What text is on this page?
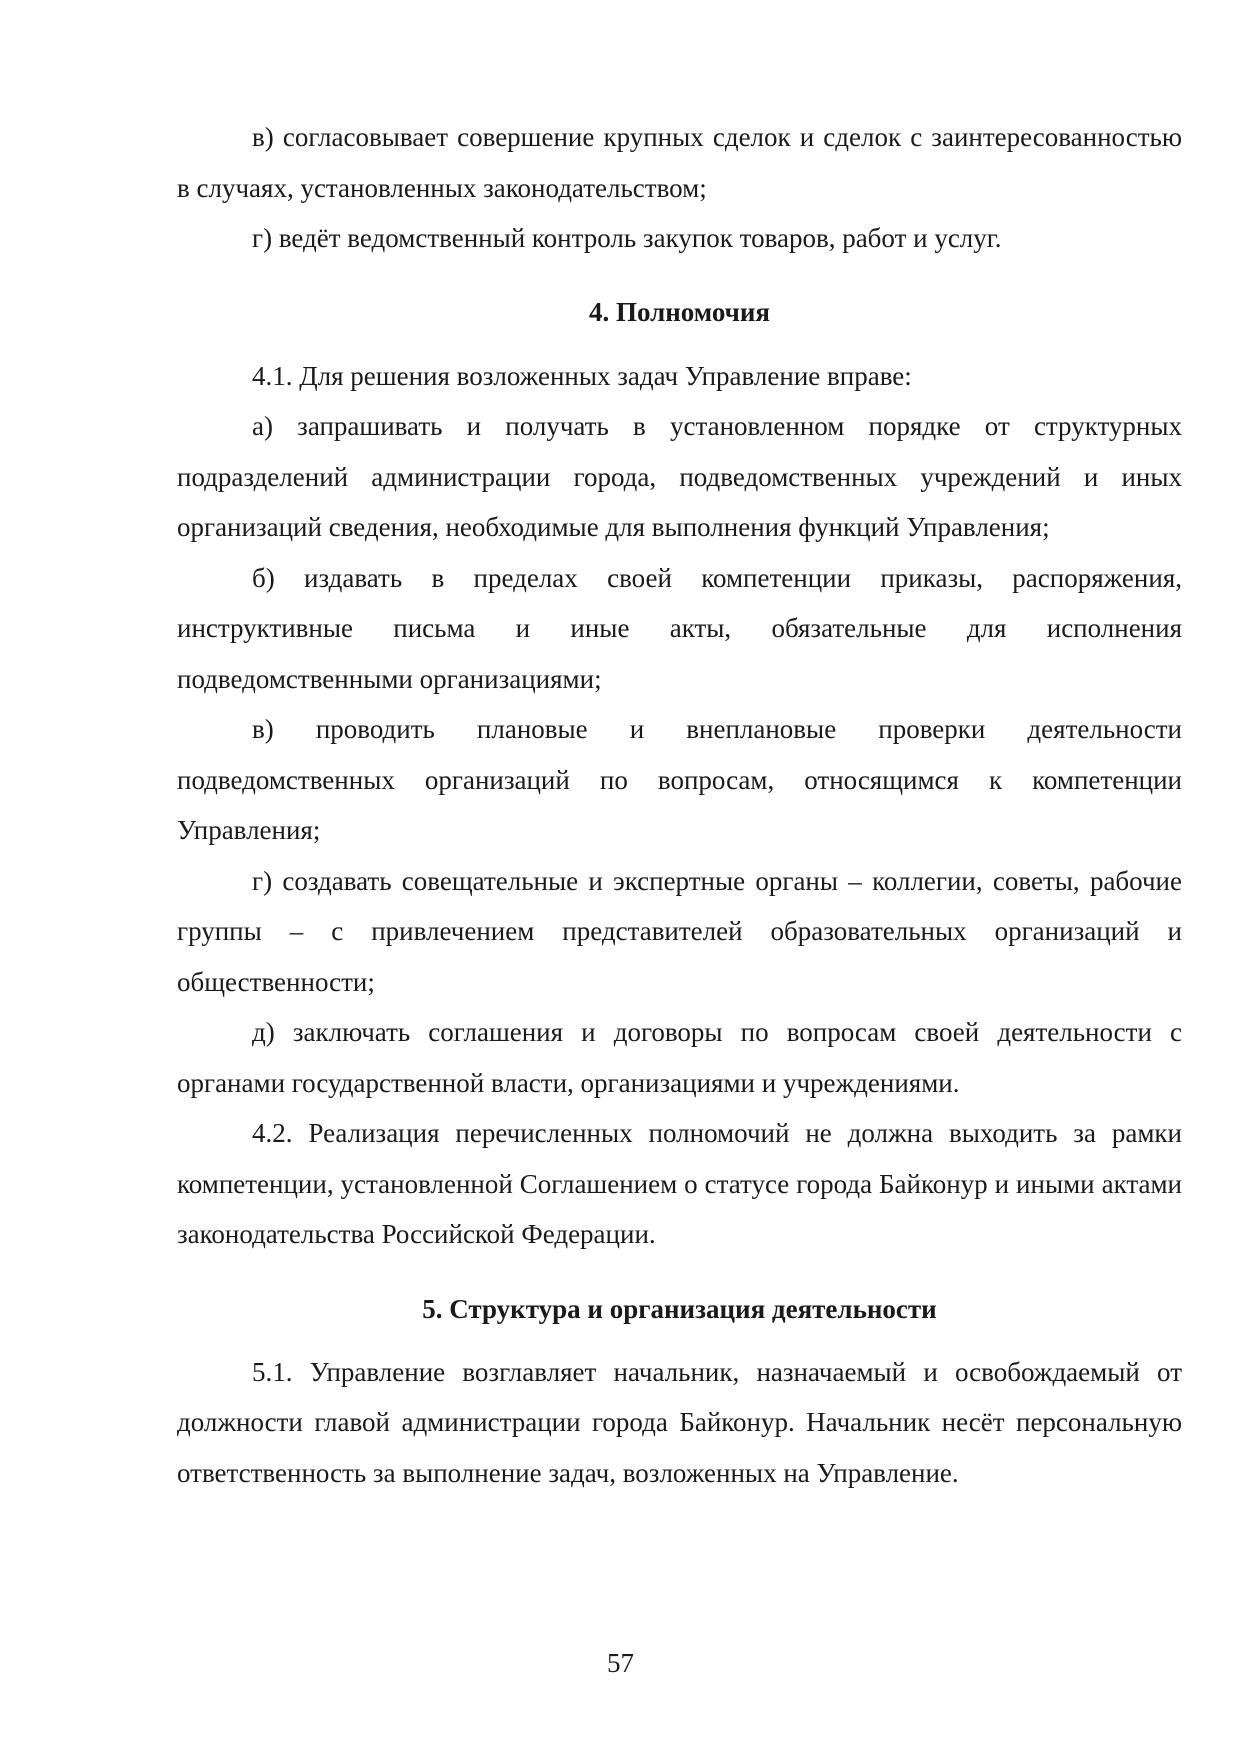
в) согласовывает совершение крупных сделок и сделок с заинтересованностью в случаях, установленных законодательством;

г) ведёт ведомственный контроль закупок товаров, работ и услуг.

4. Полномочия

4.1. Для решения возложенных задач Управление вправе:

а) запрашивать и получать в установленном порядке от структурных подразделений администрации города, подведомственных учреждений и иных организаций сведения, необходимые для выполнения функций Управления;

б) издавать в пределах своей компетенции приказы, распоряжения, инструктивные письма и иные акты, обязательные для исполнения подведомственными организациями;

в) проводить плановые и внеплановые проверки деятельности подведомственных организаций по вопросам, относящимся к компетенции Управления;

г) создавать совещательные и экспертные органы – коллегии, советы, рабочие группы – с привлечением представителей образовательных организаций и общественности;

д) заключать соглашения и договоры по вопросам своей деятельности с органами государственной власти, организациями и учреждениями.

4.2. Реализация перечисленных полномочий не должна выходить за рамки компетенции, установленной Соглашением о статусе города Байконур и иными актами законодательства Российской Федерации.

5. Структура и организация деятельности

5.1. Управление возглавляет начальник, назначаемый и освобождаемый от должности главой администрации города Байконур. Начальник несёт персональную ответственность за выполнение задач, возложенных на Управление.

57
